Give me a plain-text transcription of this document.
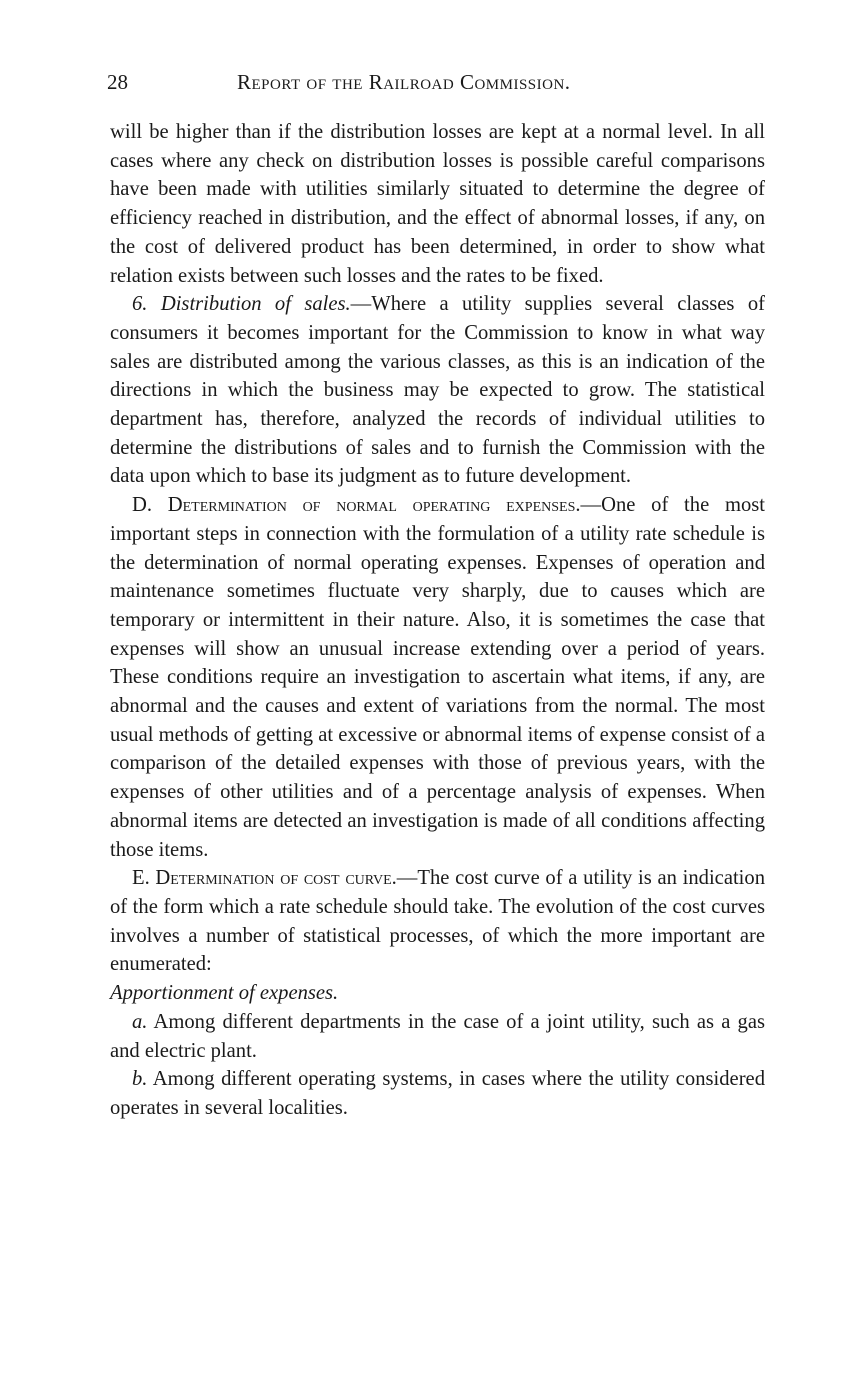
28	Report of the Railroad Commission.

will be higher than if the distribution losses are kept at a normal level. In all cases where any check on distribution losses is possible careful comparisons have been made with utilities similarly situated to determine the degree of efficiency reached in distribution, and the effect of abnormal losses, if any, on the cost of delivered product has been determined, in order to show what relation exists between such losses and the rates to be fixed.

6. Distribution of sales.—Where a utility supplies several classes of consumers it becomes important for the Commission to know in what way sales are distributed among the various classes, as this is an indication of the directions in which the business may be expected to grow. The statistical department has, therefore, analyzed the records of individual utilities to determine the distributions of sales and to furnish the Commission with the data upon which to base its judgment as to future development.

D. Determination of normal operating expenses.—One of the most important steps in connection with the formulation of a utility rate schedule is the determination of normal operating expenses. Expenses of operation and maintenance sometimes fluctuate very sharply, due to causes which are temporary or intermittent in their nature. Also, it is sometimes the case that expenses will show an unusual increase extending over a period of years. These conditions require an investigation to ascertain what items, if any, are abnormal and the causes and extent of variations from the normal. The most usual methods of getting at excessive or abnormal items of expense consist of a comparison of the detailed expenses with those of previous years, with the expenses of other utilities and of a percentage analysis of expenses. When abnormal items are detected an investigation is made of all conditions affecting those items.

E. Determination of cost curve.—The cost curve of a utility is an indication of the form which a rate schedule should take. The evolution of the cost curves involves a number of statistical processes, of which the more important are enumerated:

Apportionment of expenses.

a. Among different departments in the case of a joint utility, such as a gas and electric plant.

b. Among different operating systems, in cases where the utility considered operates in several localities.
